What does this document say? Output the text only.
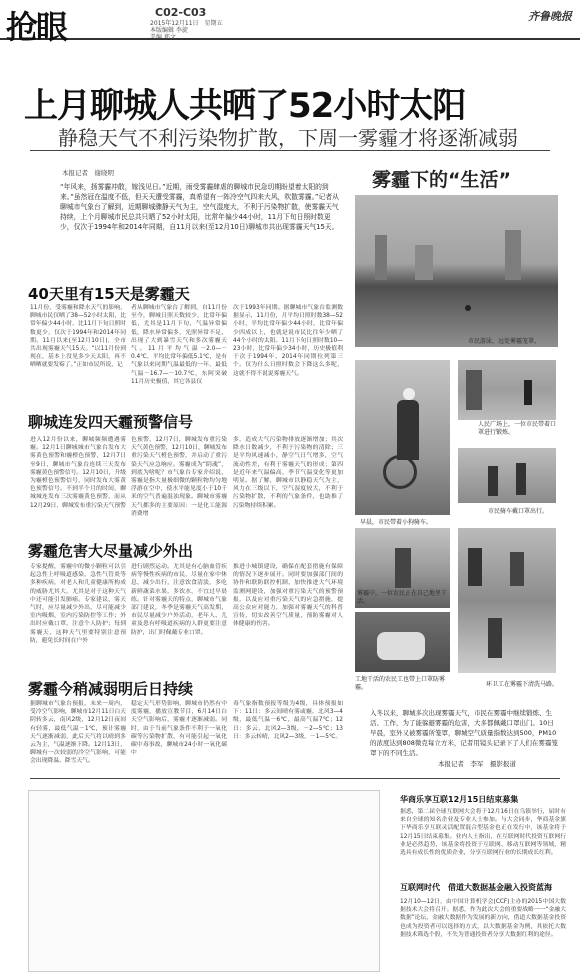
抢眼	C02-C03
2015年12月11日　星期五
本版编辑 李旋
美编 郑文
齐鲁晚报
上月聊城人共晒了52小时太阳
静稳天气不利污染物扩散，下周一雾霾才将逐渐减弱
本报记者　谢晓明
“年风来，扬雾霾冲散，嫁浅见日。”近期，雨受雾霾肆虐的聊城市民急切期盼望着太阳的到来。”虽然冠在温度不低，但天天遭受雾霾，真希望有一阵冷空气四来大风，吹散雾霾。”记者从聊城市气象台了解到，近期聊城骤静天气为主，空气湿度大，不利于污染物扩散，使雾霾天气持续，上个月聊城市民总共只晒了52小时太阳，比常年偏少44小时，11月下旬日照时数更少，仅次于1994年和2014年同期，自11月以来(至12月10日)聊城市共出现雾霾天气15天。
40天里有15天是雾霾天
11月份，受雾霾和降水天气的影响，聊城市民仅晒了38—52小时太阳，比常年偏少44小时，比11月下旬日照时数更少，仅次于1994年和2014年同期。11月以来(至12月10日)，全市共出现雾霾天气15天。“以11月份到现在，基本上没见多少天太阳，再不晒晒就要发霉了。”正如市民所说，记
者从聊城市气象台了解到，自11月份至今，聊城日照天数较少，比常年偏低，尤其是11月下旬，气温异常偏低，降水异常偏多，光照异常不足，出现了大到暴雪天气和多次雾霾天气。11月平均气温－2.0—－0.4℃，平均比常年偏低5.1℃，是有气象以来同期气温最低的一年，最低气温－16.7—－10.7℃，东阿突破11月历史极值，其它各县仅
次于1993年同期。据聊城市气象台监测数据显示，11月份，月平均日照时数38—52小时，平均比常年偏少44小时，比常年偏少四成以上，也就是说市民比往年少晒了44个小时的太阳。11月下旬日照时数10—23小时，比常年偏少34小时，历史极值利于次于1994年、2014年同期位列第三个。仅为什么日照时数会下降这么多呢，这就不得不说说雾霾天气。
聊城连发四天霾预警信号
进入12月份以来，聊城频频遭遇雾霾。12月1日聊城城市气象台发布大雾黄色预警和霾橙色预警，12月7日至9日，聊城市气象台连续三天发布雾霾黄色预警信号。12月10日，升级为霾橙色预警信号，同时发布大雾黄色预警信号。不到半个月的时间，聊城城连发布三次雾霾黄色预警，而从12月29日，聊城发布重污染天气预警
色预警，12月7日，聊城发布重污染天气黄色预警，12月10日，聊城发布重污染天气橙色预警，并启动了重污染天气应急响应。雾霾成为“阴魂”，到底为啥呢？市气象台专家介绍说，雾霾是指大量极细微的颗粒物均匀地浮游在空中，使水平能见度小于10千米的空气普遍混浊现象。聊城市雾霾天气都多的主要原因：一是化工能源消费增
多，造成大气污染物排放逐渐增加；其次降水日数减少，不利于污染物的清除；三是平均风速减小，静空气日气增多，空气流动性差，有利于雾霾天气的形成；第四是近年来气温偏高，季节气温变化等更加明显。据了解，聊城市以静稳天气为主，风力在三级以下，空气湿度较大，不利于污染物扩散，不利的气象条件，也助推了污染物持续积累。
雾霾危害大尽量减少外出
专家提醒，雾霾中的微小颗粒可以引起急性上呼吸道感染，急性气管炎等多种疾病，对老人和儿童健康所构成的威胁尤其大。尤其是对于这种天气中还可能引发肺癌。专家建议，雾天气时，应尽量减少外出，尽可能减少室内吸烟，室内污染防控等工作；外出时应戴口罩，注意个人防护；每到雾霾天，这种天气里要特别注意预防，避免长时间在户外
进行剧烈运动。尤其是有心脑血管疾病等慢性疾病的市民，尽量在家中休息，减少出行，注意饮食清淡，多吃新鲜蔬菜水果，多饮水，不宜过早晨练。针对雾霾天的特点，聊城市气象部门建议，冬季是雾霾天气高发期，市民尽量减少户外活动，老年人、儿童及患有呼吸道疾病的人群更要注意防护，出门时佩戴专业口罩。
推进小城镇建设，确保在配套措施有保障的情况下逐步展开。同时要加强部门间的协作和联防联控机制，加快推进大气环境监测网建设，加强对重污染天气的预警预报，以及应对重污染天气的应急措施，提高公众应对能力，加强对雾霾天气的科普宣传，切实改善空气质量，预防雾霾对人体健康的伤害。
雾霾今稍减弱明后日持续
据聊城市气象台预报，未来一周内，受冷空气影响，聊城市12月11日白天阴转多云，南风2级，12月12日夜间有轻雾，最低气温－1℃，预计雾霾天气逐渐减弱，此后天气将以晴到多云为主，气温逐渐下降。12月13日，聊城有一次较弱的冷空气影响，可能会出现降温、降雪天气。
稳定天气形势影响，聊城市仍然有中度雾霾，播放宣教节目，6月14日白天空气影响后，雾霾才逐渐减弱。同时，由于当前气象条件不利于一氧化碳等污染物扩散，有可能引起一氧化碳中毒事故，聊城市24小时一氧化碳中
毒气象指数预报等级为4级，具体预报如下：11日：多云间晴有雾或霾，北风3—4级，最低气温－6℃，最高气温7℃；12日：多云，北风2—3级，－2—5℃；13日：多云转晴，北风2—3级，－1—5℃。
雾霾下的“生活”
市民游泳，远处雾霾笼罩。
早晨，市民带着小狗骑车。
人民广场上，一位市民带着口罩进行锻炼。
市民骑车戴口罩出行。
雾霾中，一位农民正在自己地里干活。
工地干活的农民工也带上口罩防雾霾。	环卫工在雾霾下清洗马路。
入冬以来，聊城多次出现雾霾天气，市民在雾霾中继续锻炼、生活、工作，为了能躲避雾霾的危害，大多都佩戴口罩出门。10日早晨，室外又被雾霾所笼罩，聊城空气质量指数达到500，PM10的浓度达到808微克每立方米，记者用镜头记录下了人们在雾霾笼罩下的不同生活。
本报记者　李军　摄影报道
华商乐享互联12月15日结束募集
据悉，第二届全球互联网大会将于12月16日在乌镇举行，届时有来自全球的知名企业及专业人士参加。与大会同步，华商基金旗下华商乐享互联灵活配置混合型基金也正在发行中，该基金将于12月15日结束募集。业内人士指出，在互联网时代投资互联网行业是必然趋势，该基金将投资于互联网、移动互联网等领域，精选具有成长性的优质企业，分享互联网行业的长期成长红利。
互联网时代　借道大数据基金融入投资蓝海
12月10—12日，由中国计算机学会(CCF)主办的2015中国大数据技术大会将召开。据悉，作为此次大会的重要战略一一“金融大数据”论坛，金融大数据作为发展的新方向，借道大数据基金投资也成为投资者可以选择的方式，以大数据基金为例，其依托大数据技术筛选个股，不失为普通投资者分享大数据红利的途径。
